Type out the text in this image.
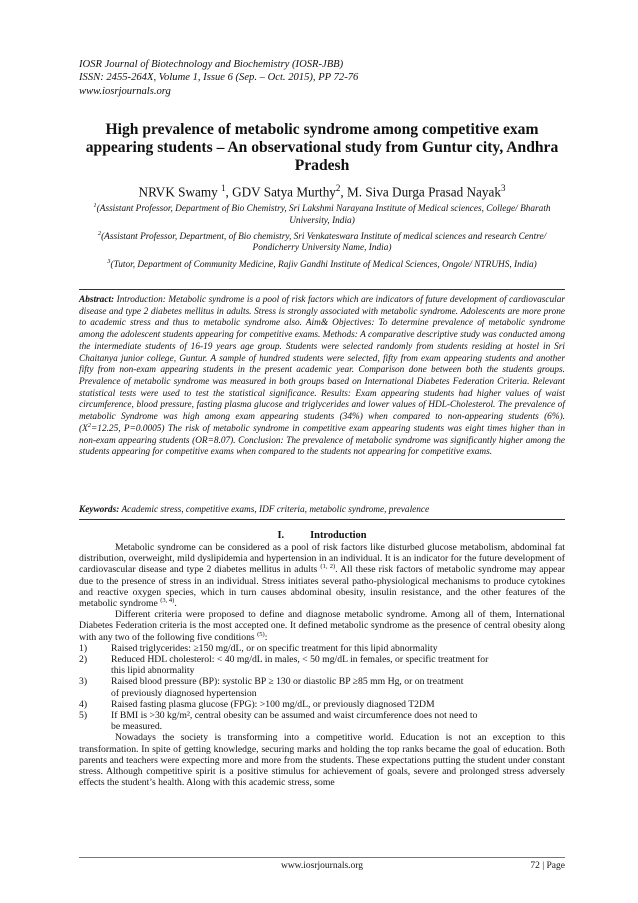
IOSR Journal of Biotechnology and Biochemistry (IOSR-JBB)
ISSN: 2455-264X, Volume 1, Issue 6 (Sep. – Oct. 2015), PP 72-76
www.iosrjournals.org
High prevalence of metabolic syndrome among competitive exam appearing students – An observational study from Guntur city, Andhra Pradesh
NRVK Swamy $^1$, GDV Satya Murthy$^2$, M. Siva Durga Prasad Nayak$^3$
$^1$(Assistant Professor, Department of Bio Chemistry, Sri Lakshmi Narayana Institute of Medical sciences, College/ Bharath University, India)
$^2$(Assistant Professor, Department, of Bio chemistry, Sri Venkateswara Institute of medical sciences and research Centre/ Pondicherry University Name, India)
$^3$(Tutor, Department of Community Medicine, Rajiv Gandhi Institute of Medical Sciences, Ongole/ NTRUHS, India)
Abstract: Introduction: Metabolic syndrome is a pool of risk factors which are indicators of future development of cardiovascular disease and type 2 diabetes mellitus in adults. Stress is strongly associated with metabolic syndrome. Adolescents are more prone to academic stress and thus to metabolic syndrome also. Aim& Objectives: To determine prevalence of metabolic syndrome among the adolescent students appearing for competitive exams. Methods: A comparative descriptive study was conducted among the intermediate students of 16-19 years age group. Students were selected randomly from students residing at hostel in Sri Chaitanya junior college, Guntur. A sample of hundred students were selected, fifty from exam appearing students and another fifty from non-exam appearing students in the present academic year. Comparison done between both the students groups. Prevalence of metabolic syndrome was measured in both groups based on International Diabetes Federation Criteria. Relevant statistical tests were used to test the statistical significance. Results: Exam appearing students had higher values of waist circumference, blood pressure, fasting plasma glucose and triglycerides and lower values of HDL-Cholesterol. The prevalence of metabolic Syndrome was high among exam appearing students (34%) when compared to non-appearing students (6%). ($X^2=12.25$, P=0.0005) The risk of metabolic syndrome in competitive exam appearing students was eight times higher than in non-exam appearing students (OR=8.07). Conclusion: The prevalence of metabolic syndrome was significantly higher among the students appearing for competitive exams when compared to the students not appearing for competitive exams.
Keywords: Academic stress, competitive exams, IDF criteria, metabolic syndrome, prevalence
I.	Introduction

Metabolic syndrome can be considered as a pool of risk factors like disturbed glucose metabolism, abdominal fat distribution, overweight, mild dyslipidemia and hypertension in an individual. It is an indicator for the future development of cardiovascular disease and type 2 diabetes mellitus in adults $^{(1, 2)}$. All these risk factors of metabolic syndrome may appear due to the presence of stress in an individual. Stress initiates several patho-physiological mechanisms to produce cytokines and reactive oxygen species, which in turn causes abdominal obesity, insulin resistance, and the other features of the metabolic syndrome $^{(3, 4)}$.

Different criteria were proposed to define and diagnose metabolic syndrome. Among all of them, International Diabetes Federation criteria is the most accepted one. It defined metabolic syndrome as the presence of central obesity along with any two of the following five conditions $^{(5)}$:

1)	Raised triglycerides: ≥150 mg/dL, or on specific treatment for this lipid abnormality
2)	Reduced HDL cholesterol: < 40 mg/dL in males, < 50 mg/dL in females, or specific treatment for
this lipid abnormality
3)	Raised blood pressure (BP): systolic BP ≥ 130 or diastolic BP ≥85 mm Hg, or on treatment
of previously diagnosed hypertension
4)	Raised fasting plasma glucose (FPG): >100 mg/dL, or previously diagnosed T2DM
5)	If BMI is >30 kg/m², central obesity can be assumed and waist circumference does not need to
be measured.

Nowadays the society is transforming into a competitive world. Education is not an exception to this transformation. In spite of getting knowledge, securing marks and holding the top ranks became the goal of education. Both parents and teachers were expecting more and more from the students. These expectations putting the student under constant stress. Although competitive spirit is a positive stimulus for achievement of goals, severe and prolonged stress adversely effects the student’s health. Along with this academic stress, some

www.iosrjournals.org	72 | Page
